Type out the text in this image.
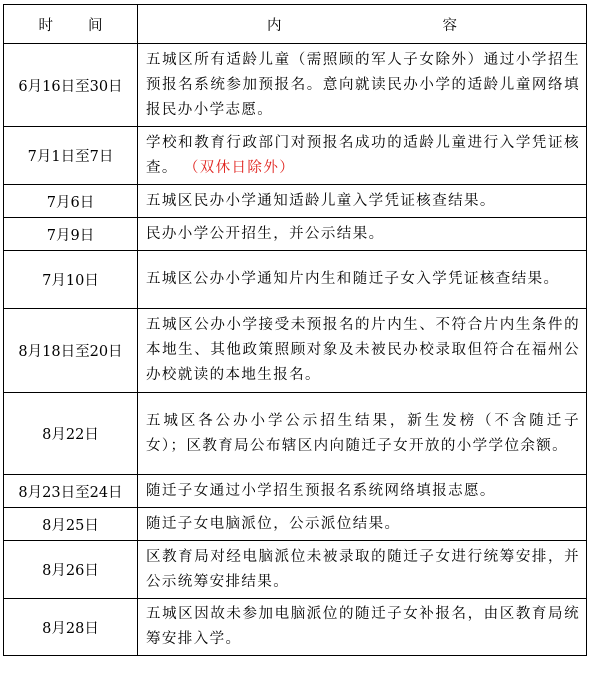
时 间	内 容

6月16日至30日	五城区所有适龄儿童（需照顾的军人子女除外）通过小学招生预报名系统参加预报名。意向就读民办小学的适龄儿童网络填报民办小学志愿。
7月1日至7日	学校和教育行政部门对预报名成功的适龄儿童进行入学凭证核查。 （双休日除外）
7月6日	五城区民办小学通知适龄儿童入学凭证核查结果。
7月9日	民办小学公开招生，并公示结果。
7月10日	五城区公办小学通知片内生和随迁子女入学凭证核查结果。
8月18日至20日	五城区公办小学接受未预报名的片内生、不符合片内生条件的本地生、其他政策照顾对象及未被民办校录取但符合在福州公办校就读的本地生报名。
8月22日	五城区各公办小学公示招生结果，新生发榜（不含随迁子女）；区教育局公布辖区内向随迁子女开放的小学学位余额。
8月23日至24日	随迁子女通过小学招生预报名系统网络填报志愿。
8月25日	随迁子女电脑派位，公示派位结果。
8月26日	区教育局对经电脑派位未被录取的随迁子女进行统筹安排，并公示统筹安排结果。
8月28日	五城区因故未参加电脑派位的随迁子女补报名，由区教育局统筹安排入学。
